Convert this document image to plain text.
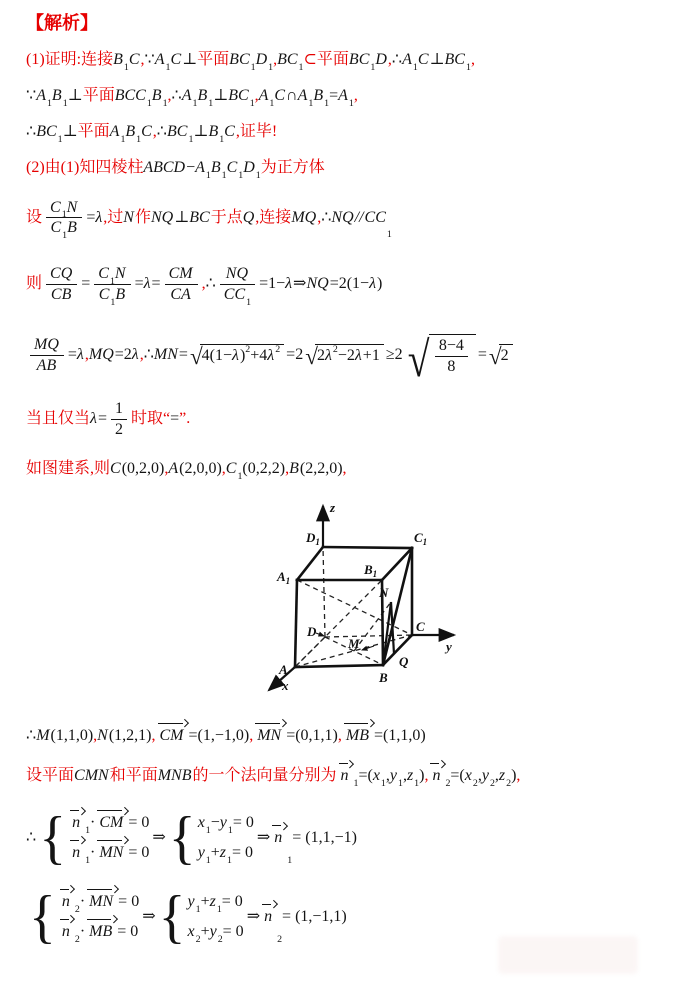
【解析】
(1)证明:连接 B 1 C , ∵ A 1 C ⊥ 平面 BC 1 D 1 , BC 1 ⊂ 平面 BC 1 D , ∴ A 1 C ⊥ BC 1 ,
∵ A 1 B 1 ⊥ 平面 BCC 1 B 1 , ∴ A 1 B 1 ⊥ BC 1 , A 1 C ∩ A 1 B 1 = A 1 ,
∴ BC 1 ⊥ 平面 A 1 B 1 C , ∴ BC 1 ⊥ B 1 C , 证毕!
(2)由(1)知四棱柱 ABCD − A 1 B 1 C 1 D 1 为正方体
设 $\frac{C 1 N}{C 1 B} = \lambda$ , 过 N 作 NQ ⊥ BC 于点 Q , 连接 MQ , ∴ NQ // CC
1
则 $\frac{CQ}{CB} = \frac{C 1 N}{C 1 B} = \lambda = \frac{CM}{CA}$ , ∴ $\frac{NQ}{CC 1} =1- \lambda$ ⇒ NQ =2(1− λ )
$\frac{MQ}{AB} = \lambda$ , MQ =2 λ , ∴ MN = √ 4(1− λ ) 2 +4 λ 2 =2 √ 2 λ 2 −2 λ +1 ≥2 √ $\frac{8-4}{8}$ = √ 2
当且仅当 $\lambda = \frac{1}{2}$ 时取 “ = ” .
如图建系, 则 C (0,2,0) , A (2,0,0) , C 1 (0,2,2) , B (2,2,0) ,
z
y
x
D1	C1
A1
B1
N
D	C
M
Q
A
B
∴ M (1,1,0) , N (1,2,1) , CM =(1,−1,0) , MN =(0,1,1) , MB =(1,1,0)
设平面 CMN 和平面 MNB 的一个法向量分别为 n 1 =( x 1 , y 1 , z 1 ) , n 2 =( x 2 , y 2 , z 2 ) ,
∴ { n 1 · CM = 0
n 1 · MN = 0
⇒ { x 1 − y 1 = 0
y 1 + z 1 = 0
⇒ n
1
= (1,1,−1)
{ n 2 · MN = 0
n 2 · MB = 0
⇒ { y 1 + z 1 = 0
x 2 + y 2 = 0
⇒ n
2
= (1,−1,1)
